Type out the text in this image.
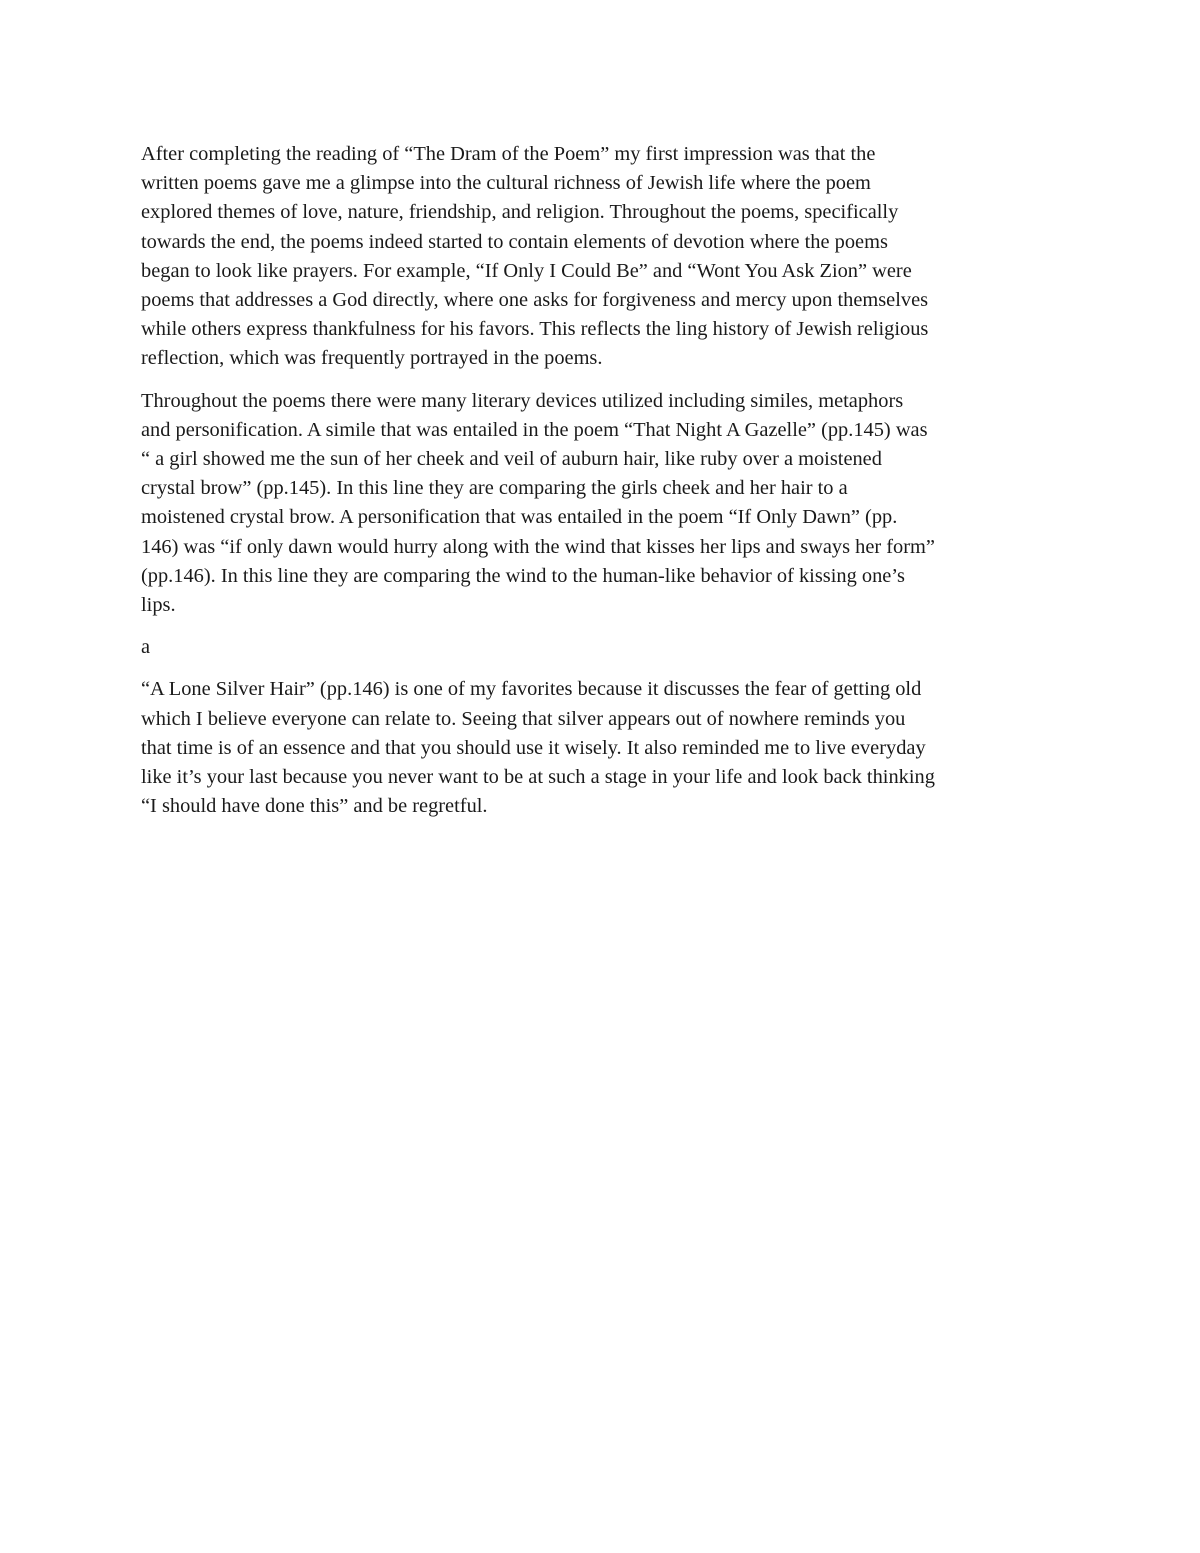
After completing the reading of “The Dram of the Poem” my first impression was that the
written poems gave me a glimpse into the cultural richness of Jewish life where the poem
explored themes of love, nature, friendship, and religion. Throughout the poems, specifically
towards the end, the poems indeed started to contain elements of devotion where the poems
began to look like prayers. For example, “If Only I Could Be” and “Wont You Ask Zion” were
poems that addresses a God directly, where one asks for forgiveness and mercy upon themselves
while others express thankfulness for his favors. This reflects the ling history of Jewish religious
reflection, which was frequently portrayed in the poems.

Throughout the poems there were many literary devices utilized including similes, metaphors
and personification. A simile that was entailed in the poem “That Night A Gazelle” (pp.145) was
“ a girl showed me the sun of her cheek and veil of auburn hair, like ruby over a moistened
crystal brow” (pp.145). In this line they are comparing the girls cheek and her hair to a
moistened crystal brow. A personification that was entailed in the poem “If Only Dawn” (pp.
146) was “if only dawn would hurry along with the wind that kisses her lips and sways her form”
(pp.146). In this line they are comparing the wind to the human-like behavior of kissing one’s
lips.

a

“A Lone Silver Hair” (pp.146) is one of my favorites because it discusses the fear of getting old
which I believe everyone can relate to. Seeing that silver appears out of nowhere reminds you
that time is of an essence and that you should use it wisely. It also reminded me to live everyday
like it’s your last because you never want to be at such a stage in your life and look back thinking
“I should have done this” and be regretful.
